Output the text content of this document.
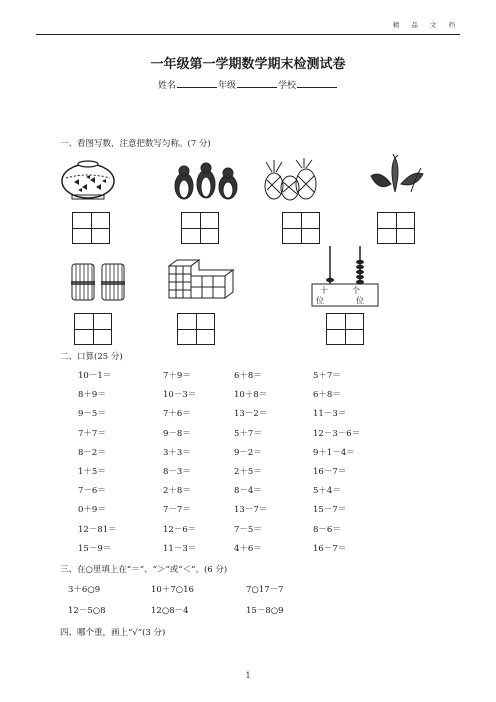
精 品 文 档
一年级第一学期数学期末检测试卷
姓名	年级	学校
一、看图写数，注意把数写匀称。(7 分)
十	个
位	位
二、口算(25 分)
10－1＝	7＋9＝	6＋8＝	5＋7＝
8＋9＝	10－3＝	10＋8＝	6＋8＝
9－5＝	7＋6＝	13－2＝	11－3＝
7＋7＝	9－8＝	5＋7＝	12－3－6＝
8－2＝	3＋3＝	9－2＝	9＋1－4＝
1＋5＝	8－3＝	2＋5＝	16－7＝
7－6＝	2＋8＝	8－4＝	5＋4＝
0＋9＝	7－7＝	13－7＝	15－7＝
12－81＝	12－6＝	7－5＝	8－6＝
15－9＝	11－3＝	4＋6＝	16－7＝
三、在○里填上在“＝”、“＞”或“＜”。(6 分)
3＋6○9	10＋7○16	7○17－7
12－5○8	12○8－4	15－8○9
四、哪个重，画上“√”(3 分)
1
